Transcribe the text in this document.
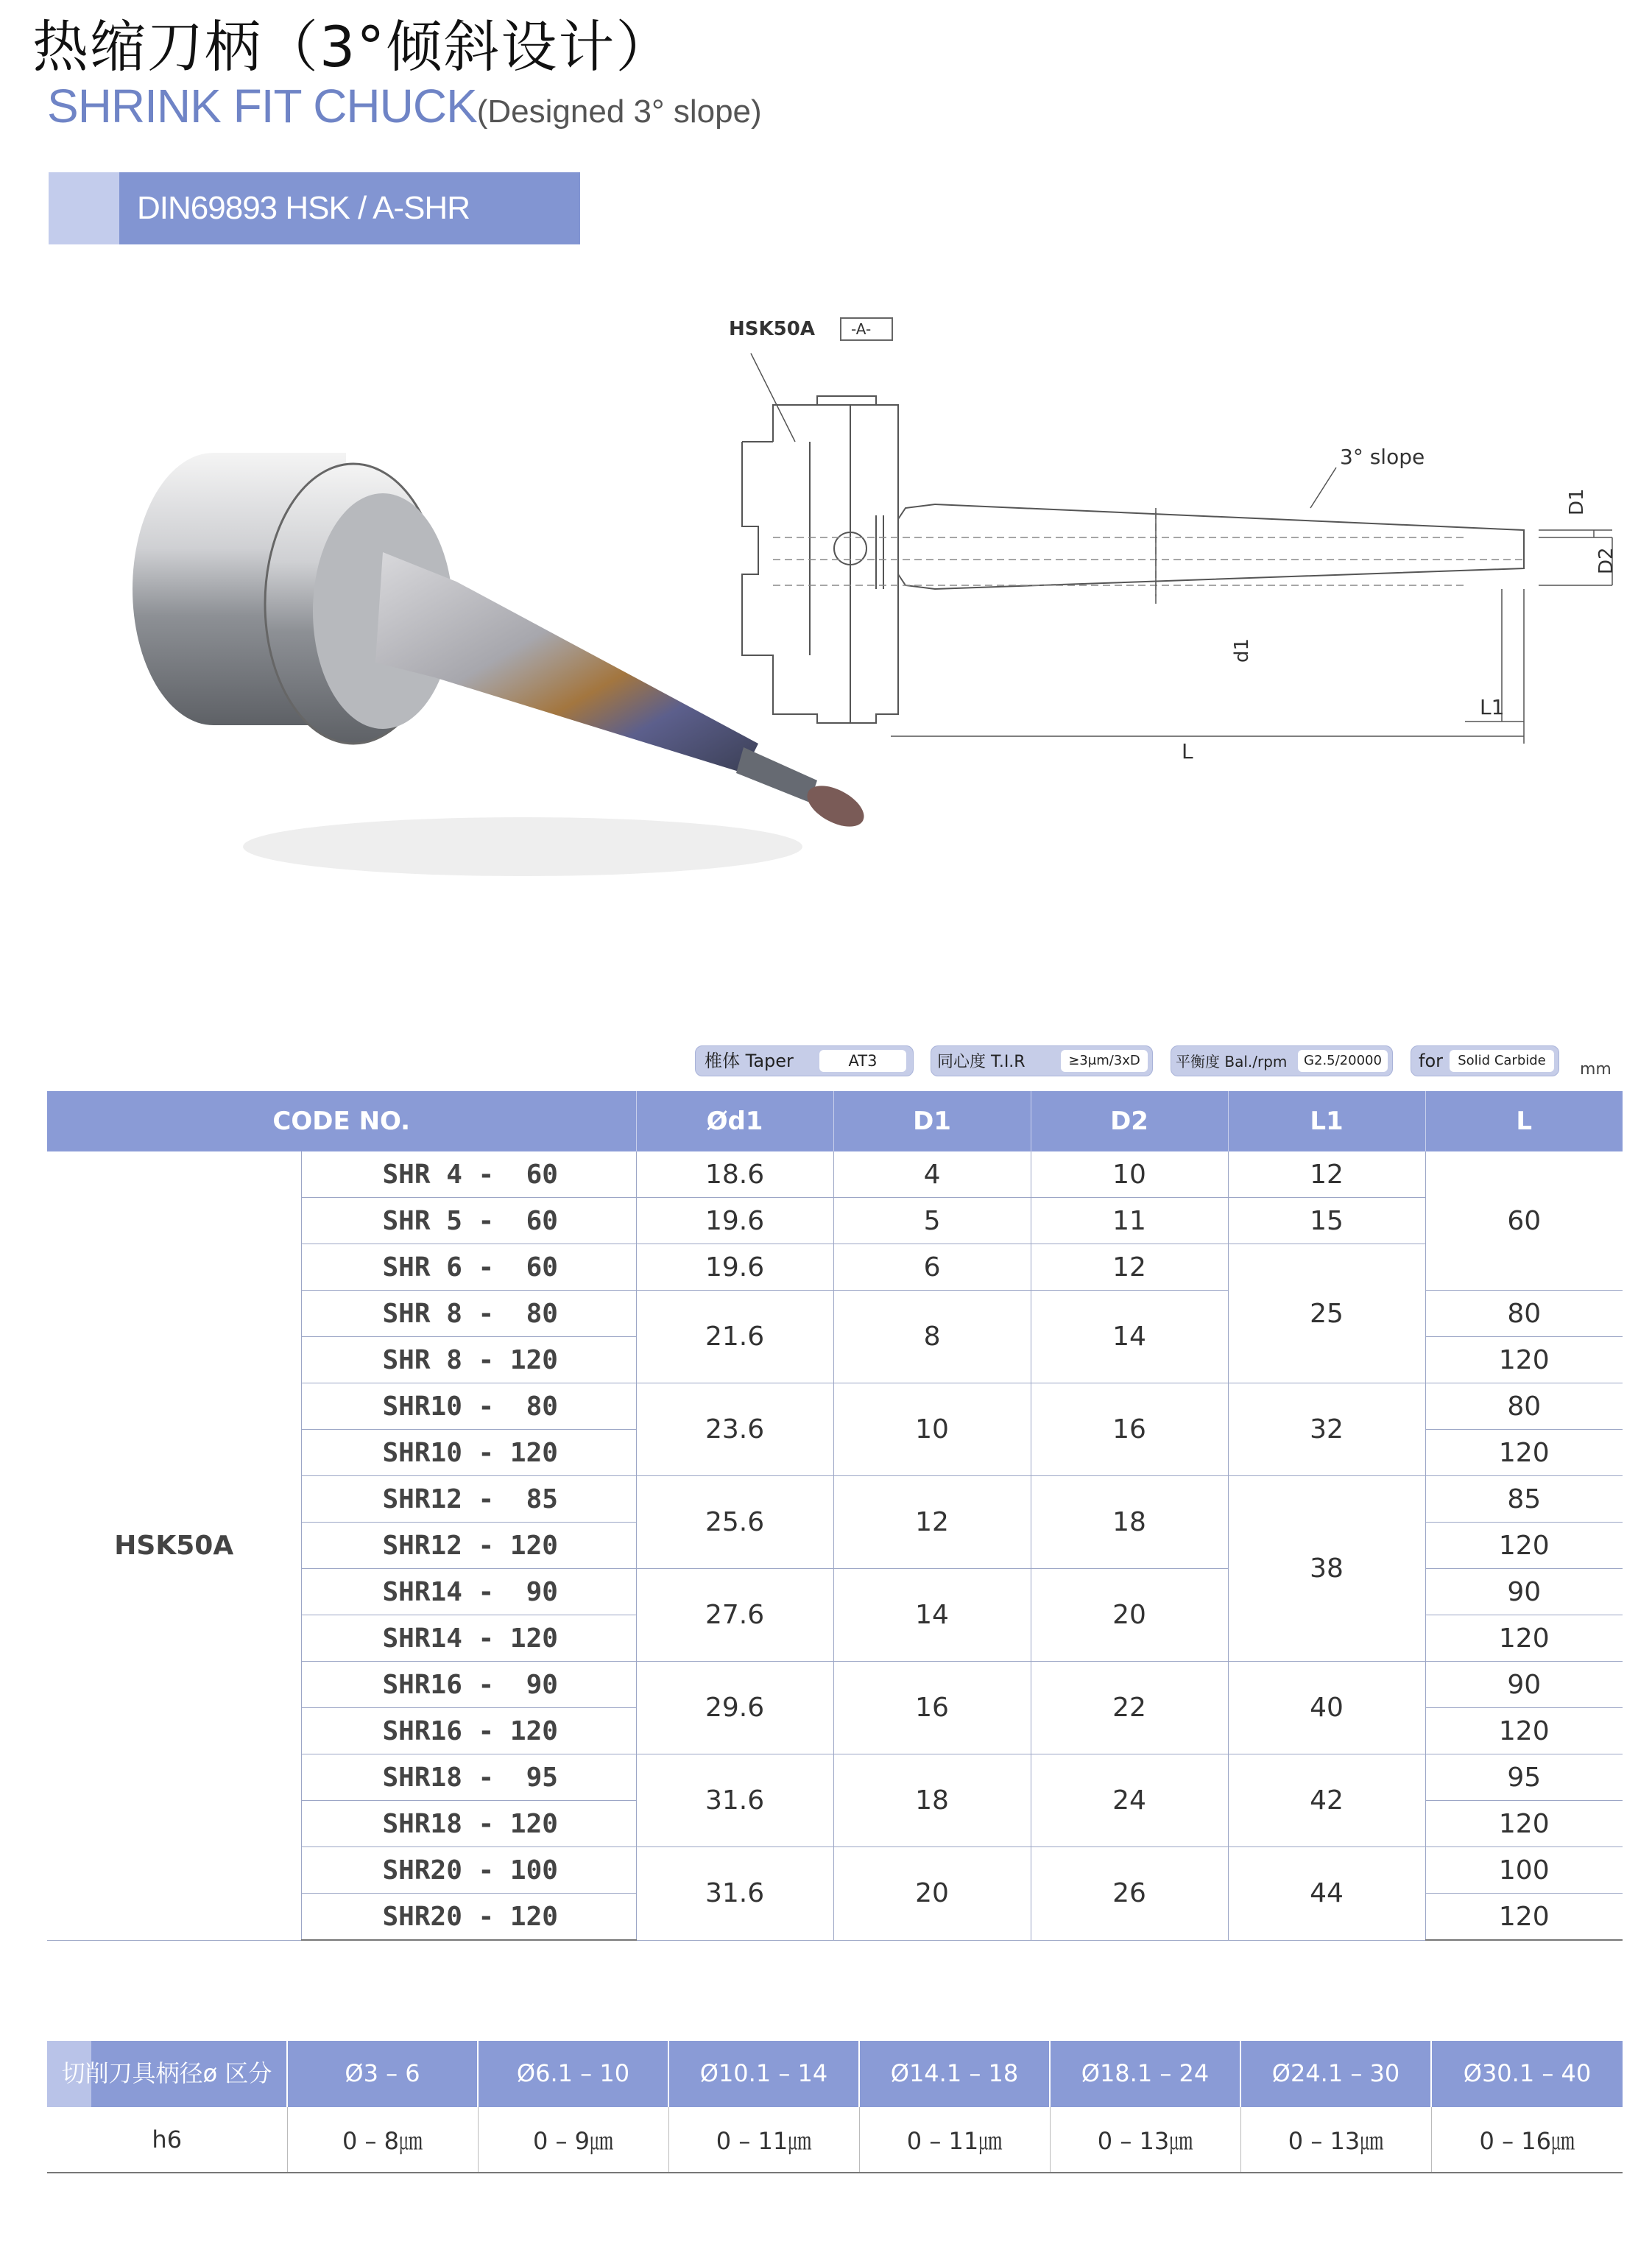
热缩刀柄（3°倾斜设计）
SHRINK FIT CHUCK(Designed 3° slope)
DIN69893 HSK / A-SHR
HSK50A -A-
3° slope
D1
D2
d1
L1
L
椎体 Taper	AT3	同心度 T.I.R	≥3μm/3xD	平衡度 Bal./rpm	G2.5/20000	for	Solid Carbide	mm
CODE NO.		Ød1	D1	D2	L1	L
HSK50A	SHR 4 -  60	18.6	4	10	12	60
	SHR 5 -  60	19.6	5	11	15	
	SHR 6 -  60	19.6	6	12	25	
	SHR 8 -  80	21.6	8	14		80
	SHR 8 - 120					120
	SHR10 -  80	23.6	10	16	32	80
	SHR10 - 120					120
	SHR12 -  85	25.6	12	18	38	85
	SHR12 - 120					120
	SHR14 -  90	27.6	14	20		90
	SHR14 - 120					120
	SHR16 -  90	29.6	16	22	40	90
	SHR16 - 120					120
	SHR18 -  95	31.6	18	24	42	95
	SHR18 - 120					120
	SHR20 - 100	31.6	20	26	44	100
	SHR20 - 120					120
切削刀具柄径ø 区分	Ø3 – 6	Ø6.1 – 10	Ø10.1 – 14	Ø14.1 – 18	Ø18.1 – 24	Ø24.1 – 30	Ø30.1 – 40
h6	0 – 8㎛	0 – 9㎛	0 – 11㎛	0 – 11㎛	0 – 13㎛	0 – 13㎛	0 – 16㎛
